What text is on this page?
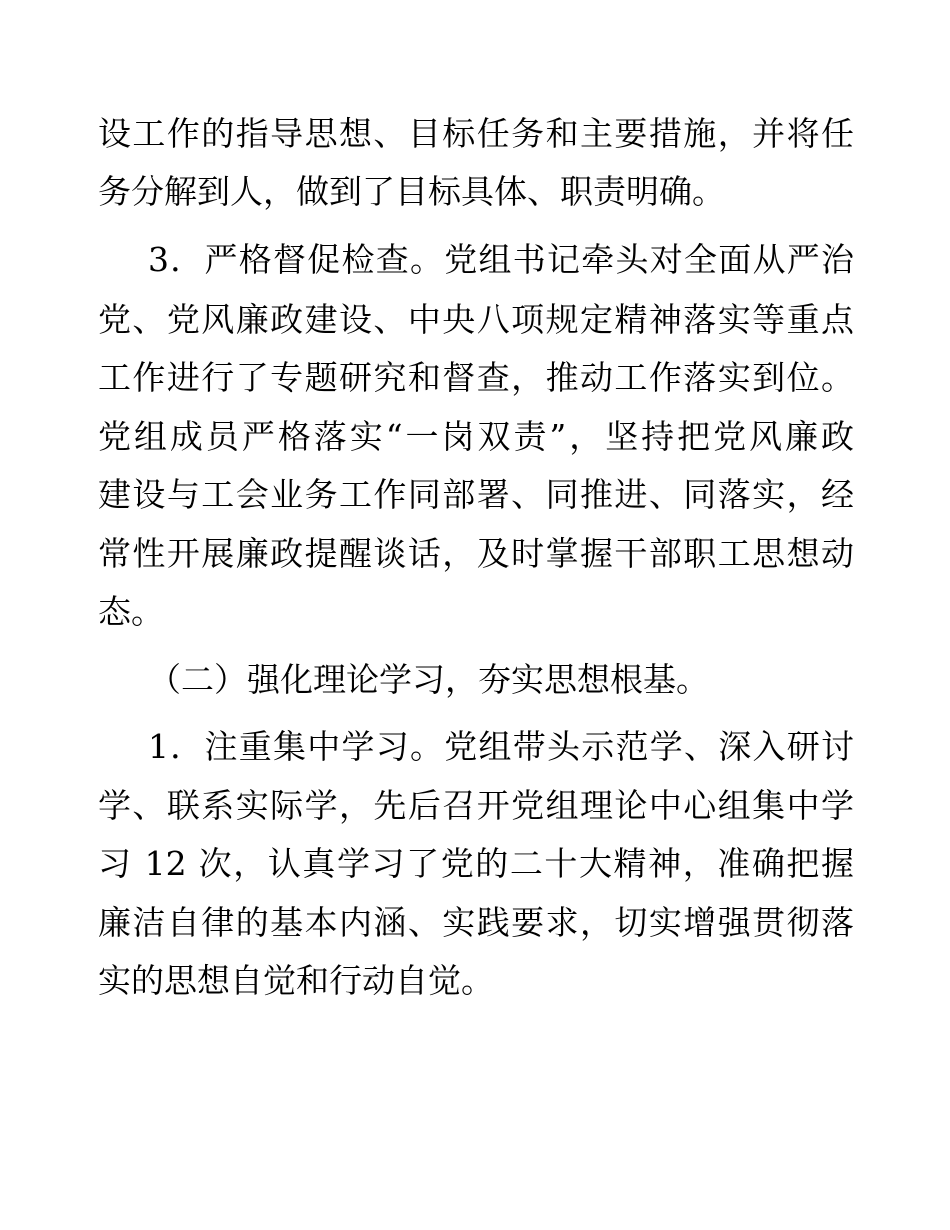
设工作的指导思想、目标任务和主要措施，并将任
务分解到人，做到了目标具体、职责明确。
3．严格督促检查。党组书记牵头对全面从严治
党、党风廉政建设、中央八项规定精神落实等重点
工作进行了专题研究和督查，推动工作落实到位。
党组成员严格落实“一岗双责”，坚持把党风廉政
建设与工会业务工作同部署、同推进、同落实，经
常性开展廉政提醒谈话，及时掌握干部职工思想动
态。
（二）强化理论学习，夯实思想根基。
1．注重集中学习。党组带头示范学、深入研讨
学、联系实际学，先后召开党组理论中心组集中学
习 12 次，认真学习了党的二十大精神，准确把握
廉洁自律的基本内涵、实践要求，切实增强贯彻落
实的思想自觉和行动自觉。
